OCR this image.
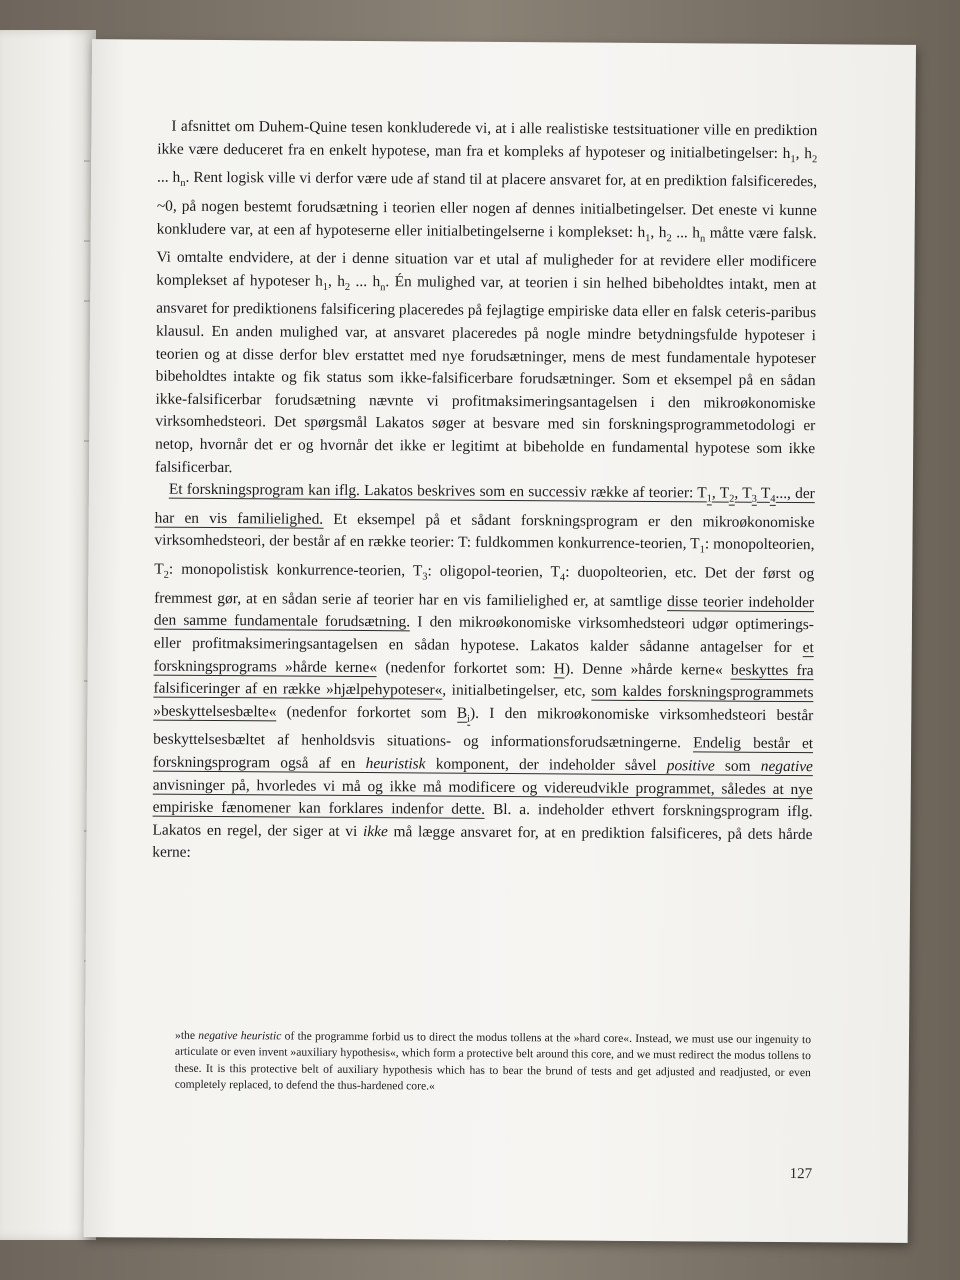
I afsnittet om Duhem-Quine tesen konkluderede vi, at i alle realistiske testsituationer ville en prediktion ikke være deduceret fra en enkelt hypotese, man fra et kompleks af hypoteser og initialbetingelser: $h_1$, $h_2$ ... $h_n$. Rent logisk ville vi derfor være ude af stand til at placere ansvaret for, at en prediktion falsificeredes, ~0, på nogen bestemt forudsætning i teorien eller nogen af dennes initialbetingelser. Det eneste vi kunne konkludere var, at een af hypoteserne eller initialbetingelserne i komplekset: $h_1$, $h_2$ ... $h_n$ måtte være falsk. Vi omtalte endvidere, at der i denne situation var et utal af muligheder for at revidere eller modificere komplekset af hypoteser $h_1$, $h_2$ ... $h_n$. Én mulighed var, at teorien i sin helhed bibeholdtes intakt, men at ansvaret for prediktionens falsificering placeredes på fejlagtige empiriske data eller en falsk ceteris-paribus klausul. En anden mulighed var, at ansvaret placeredes på nogle mindre betydningsfulde hypoteser i teorien og at disse derfor blev erstattet med nye forudsætninger, mens de mest fundamentale hypoteser bibeholdtes intakte og fik status som ikke-falsificerbare forudsætninger. Som et eksempel på en sådan ikke-falsificerbar forudsætning nævnte vi profitmaksimeringsantagelsen i den mikroøkonomiske virksomhedsteori. Det spørgsmål Lakatos søger at besvare med sin forskningsprogrammetodologi er netop, hvornår det er og hvornår det ikke er legitimt at bibeholde en fundamental hypotese som ikke falsificerbar.

Et forskningsprogram kan iflg. Lakatos beskrives som en successiv række af teorier: $T_1$, $T_2$, $T_3$ $T_4$..., der har en vis familielighed. Et eksempel på et sådant forskningsprogram er den mikroøkonomiske virksomhedsteori, der består af en række teorier: T: fuldkommen konkurrence-teorien, $T_1$: monopolteorien, $T_2$: monopolistisk konkurrence-teorien, $T_3$: oligopol-teorien, $T_4$: duopolteorien, etc. Det der først og fremmest gør, at en sådan serie af teorier har en vis familielighed er, at samtlige disse teorier indeholder den samme fundamentale forudsætning. I den mikroøkonomiske virksomhedsteori udgør optimerings- eller profitmaksimeringsantagelsen en sådan hypotese. Lakatos kalder sådanne antagelser for et forskningsprograms »hårde kerne« (nedenfor forkortet som: H). Denne »hårde kerne« beskyttes fra falsificeringer af en række »hjælpehypoteser«, initialbetingelser, etc, som kaldes forskningsprogrammets »beskyttelsesbælte« (nedenfor forkortet som $B_i$). I den mikroøkonomiske virksomhedsteori består beskyttelsesbæltet af henholdsvis situations- og informationsforudsætningerne. Endelig består et forskningsprogram også af en heuristisk komponent, der indeholder såvel positive som negative anvisninger på, hvorledes vi må og ikke må modificere og videreudvikle programmet, således at nye empiriske fænomener kan forklares indenfor dette. Bl. a. indeholder ethvert forskningsprogram iflg. Lakatos en regel, der siger at vi ikke må lægge ansvaret for, at en prediktion falsificeres, på dets hårde kerne:

»the negative heuristic of the programme forbid us to direct the modus tollens at the »hard core«. Instead, we must use our ingenuity to articulate or even invent »auxiliary hypothesis«, which form a protective belt around this core, and we must redirect the modus tollens to these. It is this protective belt of auxiliary hypothesis which has to bear the brund of tests and get adjusted and readjusted, or even completely replaced, to defend the thus-hardened core.«
127
